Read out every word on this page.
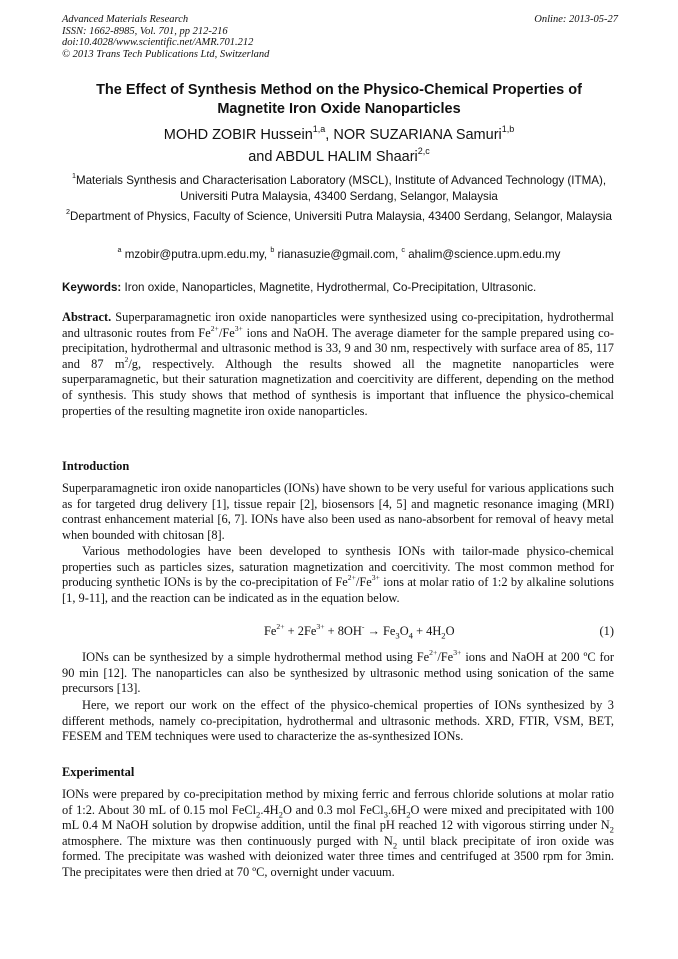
Advanced Materials Research
ISSN: 1662-8985, Vol. 701, pp 212-216
doi:10.4028/www.scientific.net/AMR.701.212
© 2013 Trans Tech Publications Ltd, Switzerland
Online: 2013-05-27
The Effect of Synthesis Method on the Physico-Chemical Properties of
Magnetite Iron Oxide Nanoparticles
MOHD ZOBIR Hussein$^{1,a}$, NOR SUZARIANA Samuri$^{1,b}$
and ABDUL HALIM Shaari$^{2,c}$
$^1$Materials Synthesis and Characterisation Laboratory (MSCL), Institute of Advanced Technology (ITMA), Universiti Putra Malaysia, 43400 Serdang, Selangor, Malaysia
$^2$Department of Physics, Faculty of Science, Universiti Putra Malaysia, 43400 Serdang, Selangor, Malaysia
$^a$ mzobir@putra.upm.edu.my, $^b$ rianasuzie@gmail.com, $^c$ ahalim@science.upm.edu.my
Keywords: Iron oxide, Nanoparticles, Magnetite, Hydrothermal, Co-Precipitation, Ultrasonic.
Abstract. Superparamagnetic iron oxide nanoparticles were synthesized using co-precipitation, hydrothermal and ultrasonic routes from $Fe^{2+}/Fe^{3+}$ ions and NaOH. The average diameter for the sample prepared using co-precipitation, hydrothermal and ultrasonic method is 33, 9 and 30 nm, respectively with surface area of 85, 117 and 87 $m^2/g$, respectively. Although the results showed all the magnetite nanoparticles were superparamagnetic, but their saturation magnetization and coercitivity are different, depending on the method of synthesis. This study shows that method of synthesis is important that influence the physico-chemical properties of the resulting magnetite iron oxide nanoparticles.
Introduction
Superparamagnetic iron oxide nanoparticles (IONs) have shown to be very useful for various applications such as for targeted drug delivery [1], tissue repair [2], biosensors [4, 5] and magnetic resonance imaging (MRI) contrast enhancement material [6, 7]. IONs have also been used as nano-absorbent for removal of heavy metal when bounded with chitosan [8].
Various methodologies have been developed to synthesis IONs with tailor-made physico-chemical properties such as particles sizes, saturation magnetization and coercitivity. The most common method for producing synthetic IONs is by the co-precipitation of $Fe^{2+}/Fe^{3+}$ ions at molar ratio of 1:2 by alkaline solutions [1, 9-11], and the reaction can be indicated as in the equation below.
$Fe^{2+} + 2Fe^{3+} + 8OH^- \to Fe_3O_4 + 4H_2O$	(1)
IONs can be synthesized by a simple hydrothermal method using $Fe^{2+}/Fe^{3+}$ ions and NaOH at 200 ºC for 90 min [12]. The nanoparticles can also be synthesized by ultrasonic method using sonication of the same precursors [13].
Here, we report our work on the effect of the physico-chemical properties of IONs synthesized by 3 different methods, namely co-precipitation, hydrothermal and ultrasonic methods. XRD, FTIR, VSM, BET, FESEM and TEM techniques were used to characterize the as-synthesized IONs.
Experimental
IONs were prepared by co-precipitation method by mixing ferric and ferrous chloride solutions at molar ratio of 1:2. About 30 mL of 0.15 mol $FeCl_2.4H_2O$ and 0.3 mol $FeCl_3.6H_2O$ were mixed and precipitated with 100 mL 0.4 M NaOH solution by dropwise addition, until the final pH reached 12 with vigorous stirring under $N_2$ atmosphere. The mixture was then continuously purged with $N_2$ until black precipitate of iron oxide was formed. The precipitate was washed with deionized water three times and centrifuged at 3500 rpm for 3min. The precipitates were then dried at 70 ºC, overnight under vacuum.
